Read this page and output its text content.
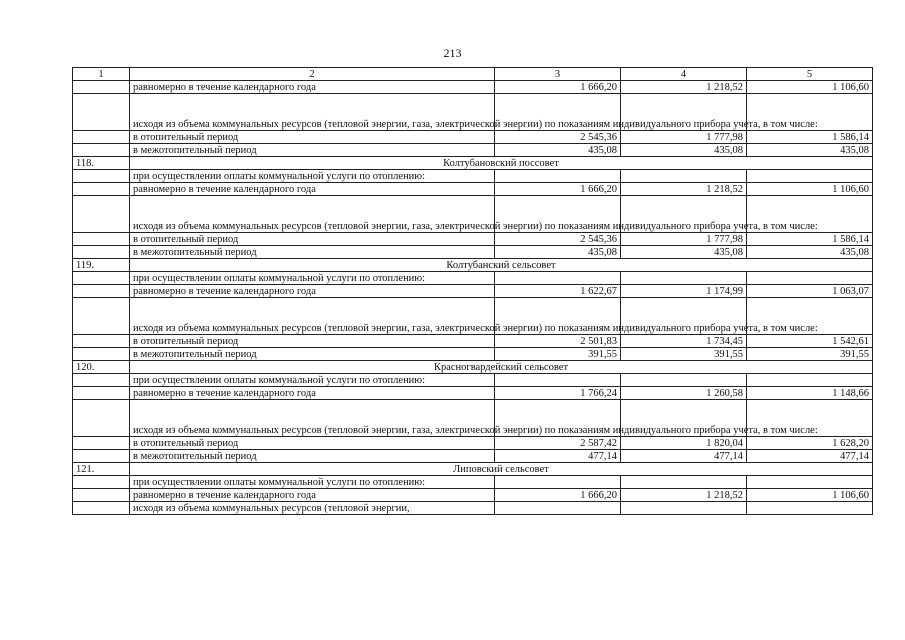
213
1	2	3	4	5
	равномерно в течение календарного года	1 666,20	1 218,52	1 106,60
	исходя из объема коммунальных ресурсов (тепловой энергии, газа, электрической энергии) по показаниям индивидуального прибора учета, в том числе:			
	в отопительный период	2 545,36	1 777,98	1 586,14
	в межотопительный период	435,08	435,08	435,08
118.	Колтубановский поссовет			
	при осуществлении оплаты коммунальной услуги по отоплению:			
	равномерно в течение календарного года	1 666,20	1 218,52	1 106,60
	исходя из объема коммунальных ресурсов (тепловой энергии, газа, электрической энергии) по показаниям индивидуального прибора учета, в том числе:			
	в отопительный период	2 545,36	1 777,98	1 586,14
	в межотопительный период	435,08	435,08	435,08
119.	Колтубанский сельсовет			
	при осуществлении оплаты коммунальной услуги по отоплению:			
	равномерно в течение календарного года	1 622,67	1 174,99	1 063,07
	исходя из объема коммунальных ресурсов (тепловой энергии, газа, электрической энергии) по показаниям индивидуального прибора учета, в том числе:			
	в отопительный период	2 501,83	1 734,45	1 542,61
	в межотопительный период	391,55	391,55	391,55
120.	Красногвардейский сельсовет			
	при осуществлении оплаты коммунальной услуги по отоплению:			
	равномерно в течение календарного года	1 766,24	1 260,58	1 148,66
	исходя из объема коммунальных ресурсов (тепловой энергии, газа, электрической энергии) по показаниям индивидуального прибора учета, в том числе:			
	в отопительный период	2 587,42	1 820,04	1 628,20
	в межотопительный период	477,14	477,14	477,14
121.	Липовский сельсовет			
	при осуществлении оплаты коммунальной услуги по отоплению:			
	равномерно в течение календарного года	1 666,20	1 218,52	1 106,60
	исходя из объема коммунальных ресурсов (тепловой энергии,			
